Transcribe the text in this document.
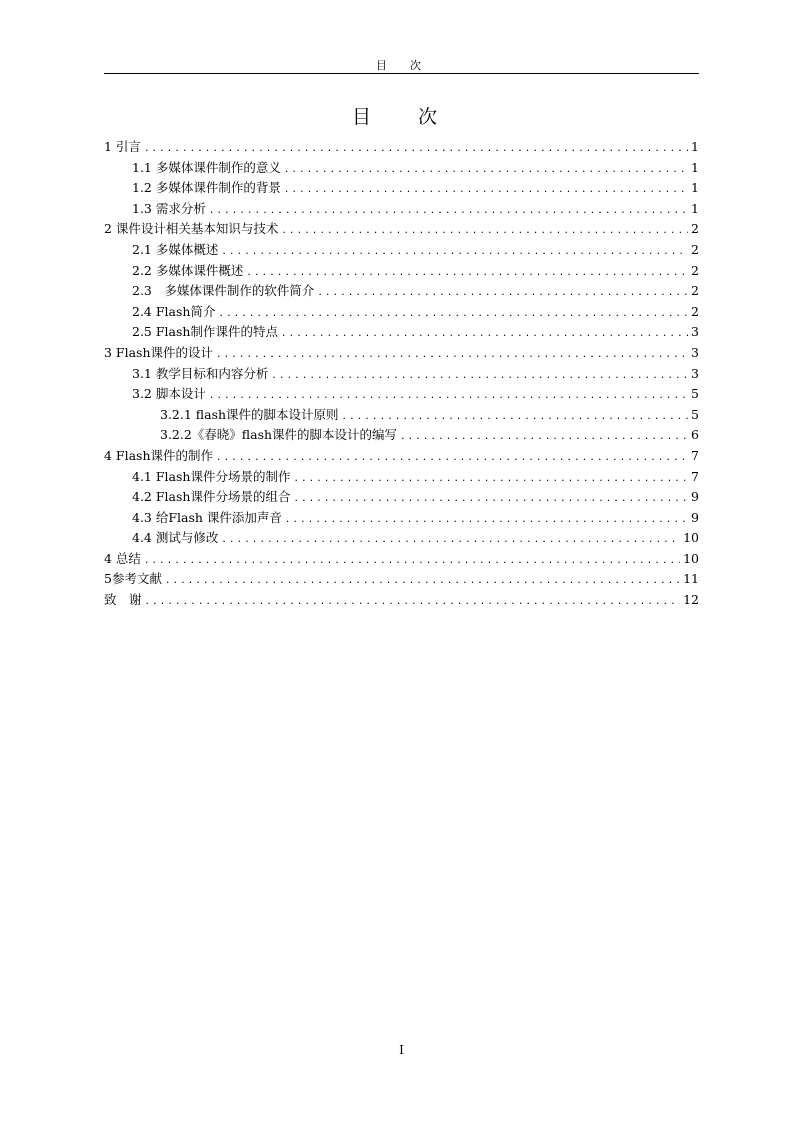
目　次
目　次
1 引言 .....	1
1.1 多媒体课件制作的意义 .....	1
1.2 多媒体课件制作的背景 .....	1
1.3 需求分析 .....	1
2 课件设计相关基本知识与技术 .....	2
2.1 多媒体概述 .....	2
2.2 多媒体课件概述 .....	2
2.3　多媒体课件制作的软件简介 .....	2
2.4 Flash简介 .....	2
2.5 Flash制作课件的特点 .....	3
3 Flash课件的设计 .....	3
3.1 教学目标和内容分析 .....	3
3.2 脚本设计 .....	5
3.2.1 flash课件的脚本设计原则 .....	5
3.2.2《春晓》flash课件的脚本设计的编写 .....	6
4 Flash课件的制作 .....	7
4.1 Flash课件分场景的制作 .....	7
4.2 Flash课件分场景的组合 .....	9
4.3 给Flash 课件添加声音 .....	9
4.4 测试与修改 .....	10
4 总结 .....	10
5参考文献 .....	11
致　谢 .....	12
I
